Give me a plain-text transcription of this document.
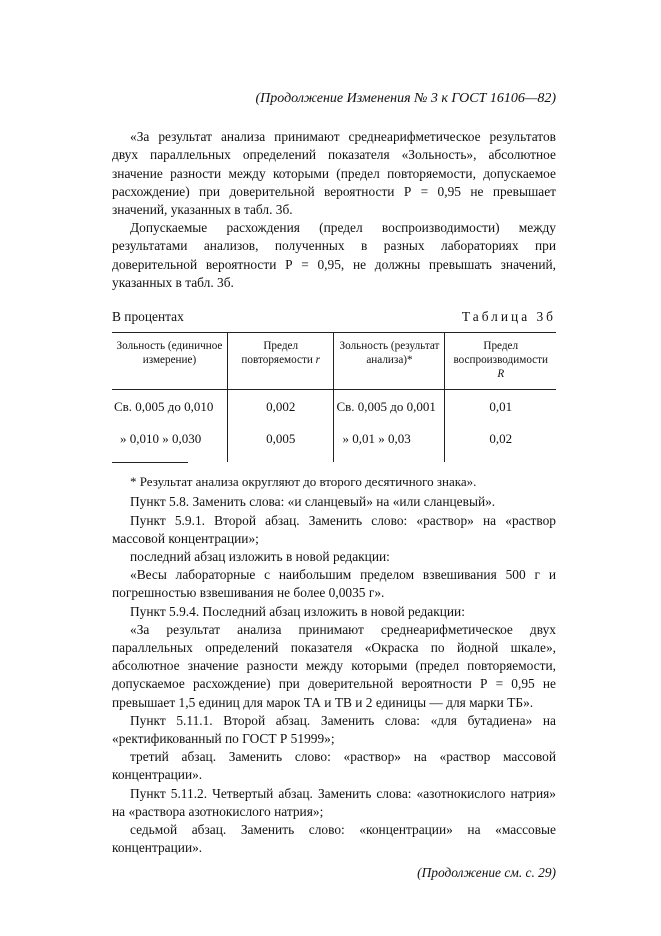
(Продолжение Изменения № 3 к ГОСТ 16106—82)

«За результат анализа принимают среднеарифметическое результатов двух параллельных определений показателя «Зольность», абсолютное значение разности между которыми (предел повторяемости, допускаемое расхождение) при доверительной вероятности Р = 0,95 не превышает значений, указанных в табл. 3б.

Допускаемые расхождения (предел воспроизводимости) между результатами анализов, полученных в разных лабораториях при доверительной вероятности Р = 0,95, не должны превышать значений, указанных в табл. 3б.

В процентах	Таблица 3б
Зольность (единичное измерение)	Предел повторяемости r	Зольность (результат анализа)*	Предел воспроизводимости R
Св. 0,005 до 0,010	0,002	Св. 0,005 до 0,001	0,01
» 0,010 » 0,030	0,005	» 0,01 » 0,03	0,02

* Результат анализа округляют до второго десятичного знака».

Пункт 5.8. Заменить слова: «и сланцевый» на «или сланцевый».

Пункт 5.9.1. Второй абзац. Заменить слово: «раствор» на «раствор массовой концентрации»;

последний абзац изложить в новой редакции:

«Весы лабораторные с наибольшим пределом взвешивания 500 г и погрешностью взвешивания не более 0,0035 г».

Пункт 5.9.4. Последний абзац изложить в новой редакции:

«За результат анализа принимают среднеарифметическое двух параллельных определений показателя «Окраска по йодной шкале», абсолютное значение разности между которыми (предел повторяемости, допускаемое расхождение) при доверительной вероятности Р = 0,95 не превышает 1,5 единиц для марок ТА и ТВ и 2 единицы — для марки ТБ».

Пункт 5.11.1. Второй абзац. Заменить слова: «для бутадиена» на «ректификованный по ГОСТ Р 51999»;

третий абзац. Заменить слово: «раствор» на «раствор массовой концентрации».

Пункт 5.11.2. Четвертый абзац. Заменить слова: «азотнокислого натрия» на «раствора азотнокислого натрия»;

седьмой абзац. Заменить слово: «концентрации» на «массовые концентрации».

(Продолжение см. с. 29)
